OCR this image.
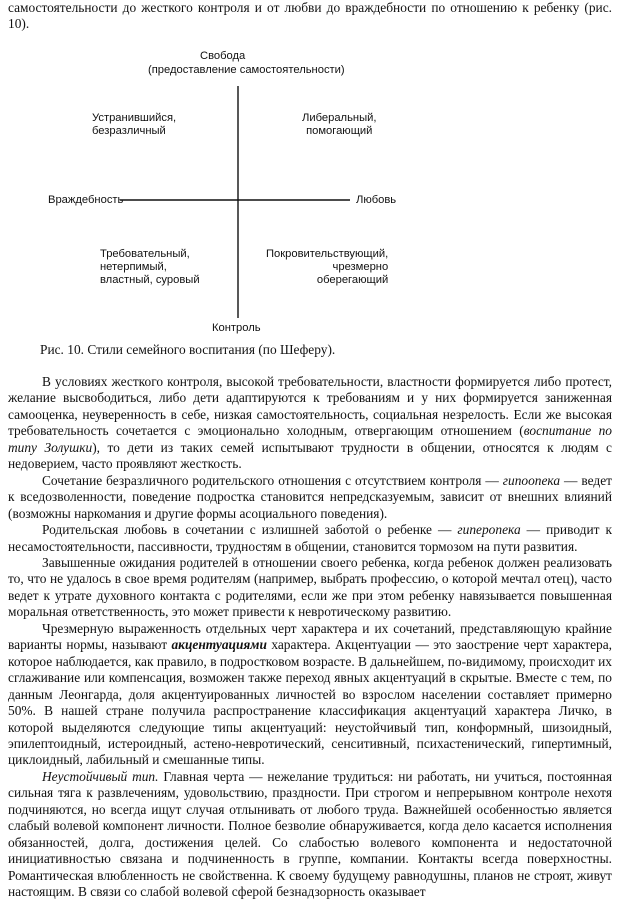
самостоятельности до жесткого контроля и от любви до враждебности по отношению к ребенку (рис. 10).

Свобода
(предоставление самостоятельности)
Враждебность	Любовь
Контроль
Устранившийся,
безразличный
Либеральный,
помогающий
Требовательный,
нетерпимый,
властный, суровый
Покровительствующий,
чрезмерно
оберегающий

Рис. 10. Стили семейного воспитания (по Шеферу).

В условиях жесткого контроля, высокой требовательности, властности формируется либо протест, желание высвободиться, либо дети адаптируются к требованиям и у них формируется заниженная самооценка, неуверенность в себе, низкая самостоятельность, социальная незрелость. Если же высокая требовательность сочетается с эмоционально холодным, отвергающим отношением (воспитание по типу Золушки), то дети из таких семей испытывают трудности в общении, относятся к людям с недоверием, часто проявляют жесткость.

Сочетание безразличного родительского отношения с отсутствием контроля — гипоопека — ведет к вседозволенности, поведение подростка становится непредсказуемым, зависит от внешних влияний (возможны наркомания и другие формы асоциального поведения).

Родительская любовь в сочетании с излишней заботой о ребенке — гиперопека — приводит к несамостоятельности, пассивности, трудностям в общении, становится тормозом на пути развития.

Завышенные ожидания родителей в отношении своего ребенка, когда ребенок должен реализовать то, что не удалось в свое время родителям (например, выбрать профессию, о которой мечтал отец), часто ведет к утрате духовного контакта с родителями, если же при этом ребенку навязывается повышенная моральная ответственность, это может привести к невротическому развитию.

Чрезмерную выраженность отдельных черт характера и их сочетаний, представляющую крайние варианты нормы, называют акцентуациями характера. Акцентуации — это заострение черт характера, которое наблюдается, как правило, в подростковом возрасте. В дальнейшем, по-видимому, происходит их сглаживание или компенсация, возможен также переход явных акцентуаций в скрытые. Вместе с тем, по данным Леонгарда, доля акцентуированных личностей во взрослом населении составляет примерно 50%. В нашей стране получила распространение классификация акцентуаций характера Личко, в которой выделяются следующие типы акцентуаций: неустойчивый тип, конформный, шизоидный, эпилептоидный, истероидный, астено-невротический, сенситивный, психастенический, гипертимный, циклоидный, лабильный и смешанные типы.

Неустойчивый тип. Главная черта — нежелание трудиться: ни работать, ни учиться, постоянная сильная тяга к развлечениям, удовольствию, праздности. При строгом и непрерывном контроле нехотя подчиняются, но всегда ищут случая отлынивать от любого труда. Важнейшей особенностью является слабый волевой компонент личности. Полное безволие обнаруживается, когда дело касается исполнения обязанностей, долга, достижения целей. Со слабостью волевого компонента и недостаточной инициативностью связана и подчиненность в группе, компании. Контакты всегда поверхностны. Романтическая влюбленность не свойственна. К своему будущему равнодушны, планов не строят, живут настоящим. В связи со слабой волевой сферой безнадзорность оказывает
